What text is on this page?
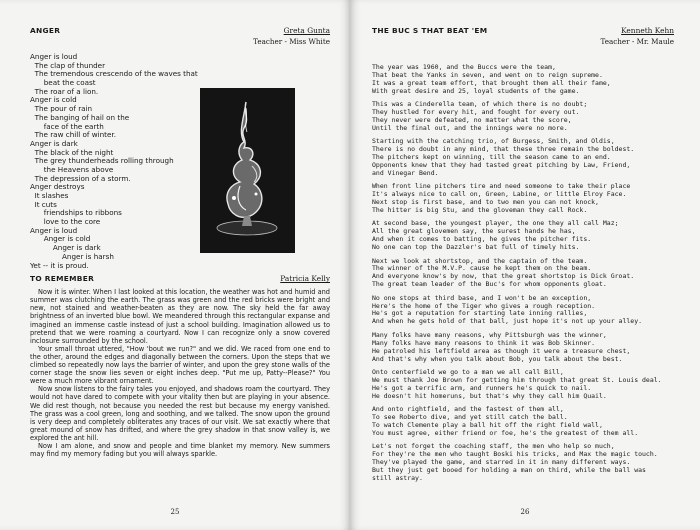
ANGER	Greta Gunta
Teacher - Miss White
Anger is loud
The clap of thunder
The tremendous crescendo of the waves that
beat the coast
The roar of a lion.
Anger is cold
The pour of rain
The banging of hail on the
face of the earth
The raw chill of winter.
Anger is dark
The black of the night
The grey thunderheads rolling through
the Heavens above
The depression of a storm.
Anger destroys
It slashes
It cuts
friendships to ribbons
love to the core
Anger is loud
Anger is cold
Anger is dark
Anger is harsh
Yet -- it is proud.
TO REMEMBER	Patricia Kelly

Now it is winter. When I last looked at this location, the weather was hot and humid and summer was clutching the earth. The grass was green and the red bricks were bright and new, not stained and weather-beaten as they are now. The sky held the far away brightness of an inverted blue bowl. We meandered through this rectangular expanse and imagined an immense castle instead of just a school building. Imagination allowed us to pretend that we were roaming a courtyard. Now I can recognize only a snow covered inclosure surrounded by the school.

Your small throat uttered, "How 'bout we run?" and we did. We raced from one end to the other, around the edges and diagonally between the corners. Upon the steps that we climbed so repeatedly now lays the barrier of winter, and upon the grey stone walls of the corner stage the snow lies seven or eight inches deep. "Put me up, Patty--Please?" You were a much more vibrant ornament.

Now snow listens to the fairy tales you enjoyed, and shadows roam the courtyard. They would not have dared to compete with your vitality then but are playing in your absence. We did rest though, not because you needed the rest but because my energy vanished. The grass was a cool green, long and soothing, and we talked. The snow upon the ground is very deep and completely obliterates any traces of our visit. We sat exactly where that great mound of snow has drifted, and where the grey shadow in that snow valley is, we explored the ant hill.

Now I am alone, and snow and people and time blanket my memory. New summers may find my memory fading but you will always sparkle.

25
THE BUC S THAT BEAT 'EM	Kenneth Kehn
Teacher - Mr. Maule
The year was 1960, and the Buccs were the team,
That beat the Yanks in seven, and went on to reign supreme.
It was a great team effort, that brought them all their fame,
With great desire and 25, loyal students of the game.
This was a Cinderella team, of which there is no doubt;
They hustled for every hit, and fought for every out.
They never were defeated, no matter what the score,
Until the final out, and the innings were no more.
Starting with the catching trio, of Burgess, Smith, and Oldis,
There is no doubt in any mind, that these three remain the boldest.
The pitchers kept on winning, till the season came to an end.
Opponents knew that they had tasted great pitching by Law, Friend,
and Vinegar Bend.
When front line pitchers tire and need someone to take their place
It's always nice to call on, Green, Labine, or little Elroy Face.
Next stop is first base, and to two men you can not knock,
The hitter is big Stu, and the gloveman they call Rock.
At second base, the youngest player, the one they all call Maz;
All the great glovemen say, the surest hands he has,
And when it comes to batting, he gives the pitcher fits.
No one can top the Dazzler's bat full of timely hits.
Next we look at shortstop, and the captain of the team.
The winner of the M.V.P. cause he kept them on the beam.
And everyone know's by now, that the great shortstop is Dick Groat.
The great team leader of the Buc's for whom opponents gloat.
No one stops at third base, and I won't be an exception,
Here's the home of the Tiger who gives a rough reception.
He's got a reputation for starting late inning rallies,
And when he gets hold of that ball, just hope it's not up your alley.
Many folks have many reasons, why Pittsburgh was the winner,
Many folks have many reasons to think it was Bob Skinner.
He patroled his leftfield area as though it were a treasure chest,
And that's why when you talk about Bob, you talk about the best.
Onto centerfield we go to a man we all call Bill,
We must thank Joe Brown for getting him through that great St. Louis deal.
He's got a terrific arm, and runners he's quick to nail.
He doesn't hit homeruns, but that's why they call him Quail.
And onto rightfield, and the fastest of them all,
To see Roberto dive, and yet still catch the ball.
To watch Clemente play a ball hit off the right field wall,
You must agree, either friend or foe, he's the greatest of them all.
Let's not forget the coaching staff, the men who help so much,
For they're the men who taught Boski his tricks, and Max the magic touch.
They've played the game, and starred in it in many different ways.
But they just get booed for holding a man on third, while the ball was
still astray.
26
